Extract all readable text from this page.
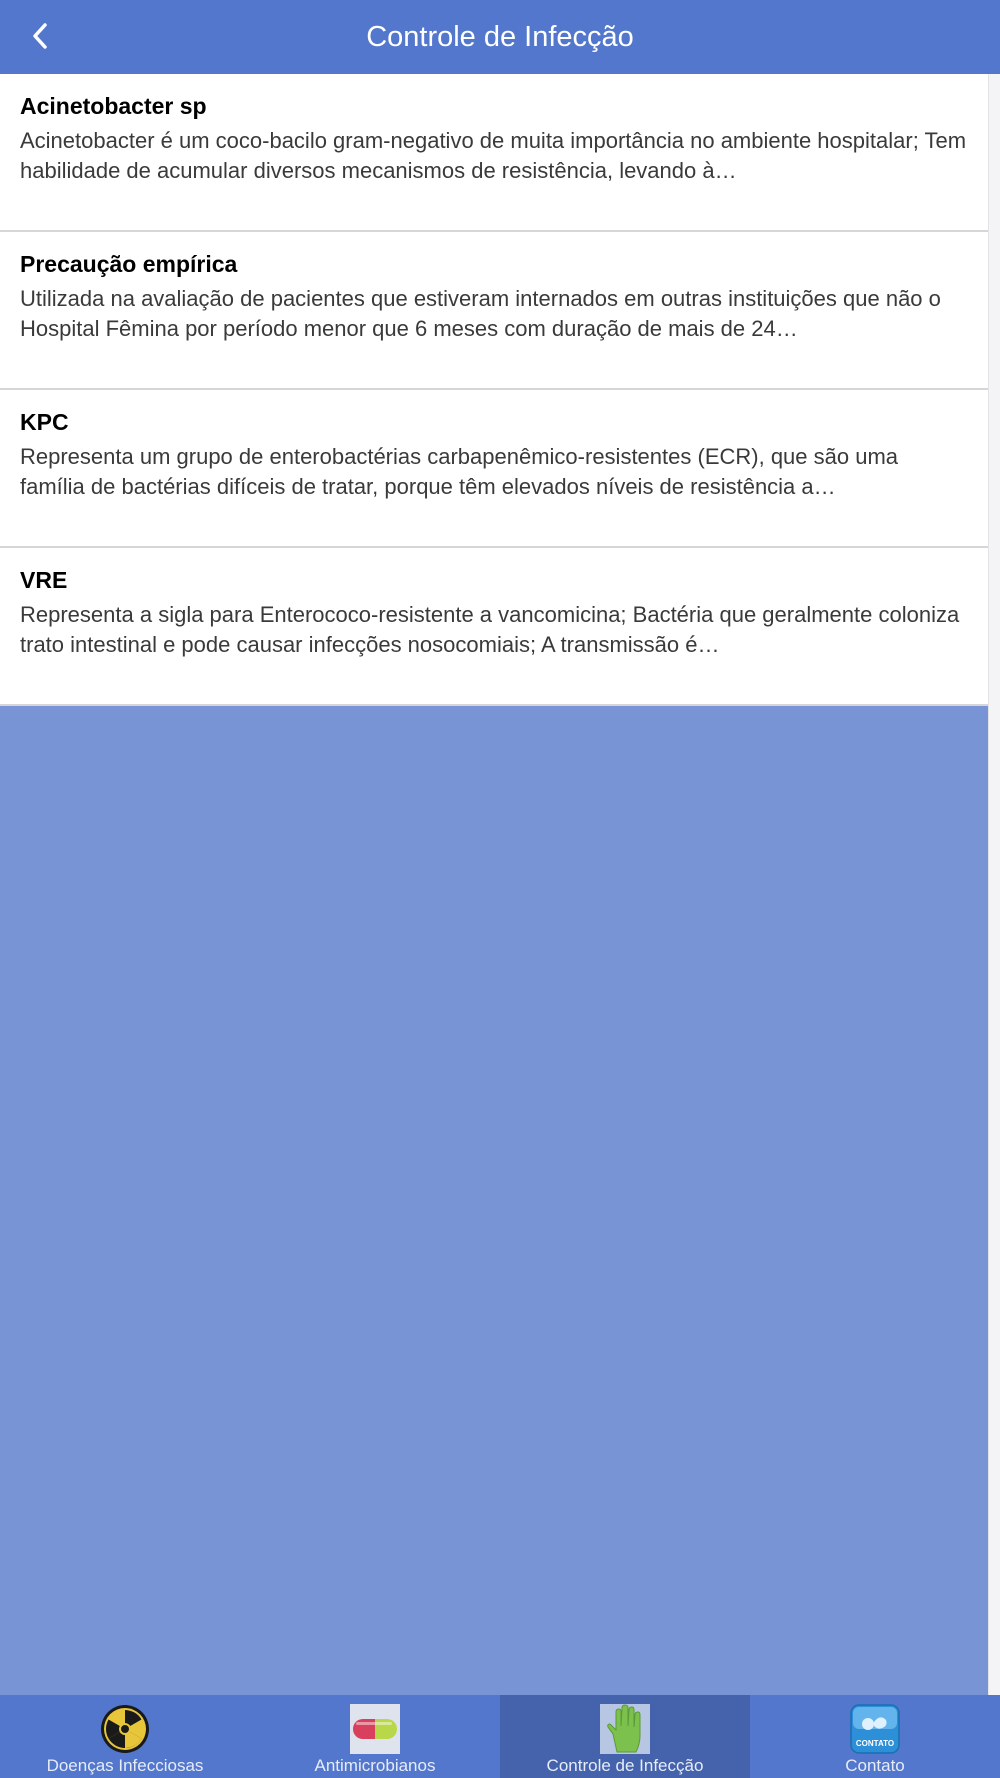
Controle de Infecção
Acinetobacter sp
Acinetobacter é um coco-bacilo gram-negativo de muita importância no ambiente hospitalar; Tem habilidade de acumular diversos mecanismos de resistência, levando à…
Precaução empírica
Utilizada na avaliação de pacientes que estiveram internados em outras instituições que não o Hospital Fêmina por período menor que 6 meses com duração de mais de 24…
KPC
Representa um grupo de enterobactérias carbapenêmico-resistentes (ECR), que são uma família de bactérias difíceis de tratar, porque têm elevados níveis de resistência a…
VRE
Representa a sigla para Enterococo-resistente a vancomicina; Bactéria que geralmente coloniza trato intestinal e pode causar infecções nosocomiais; A transmissão é…
Doenças Infecciosas	Antimicrobianos	Controle de Infecção
CONTATO
Contato
